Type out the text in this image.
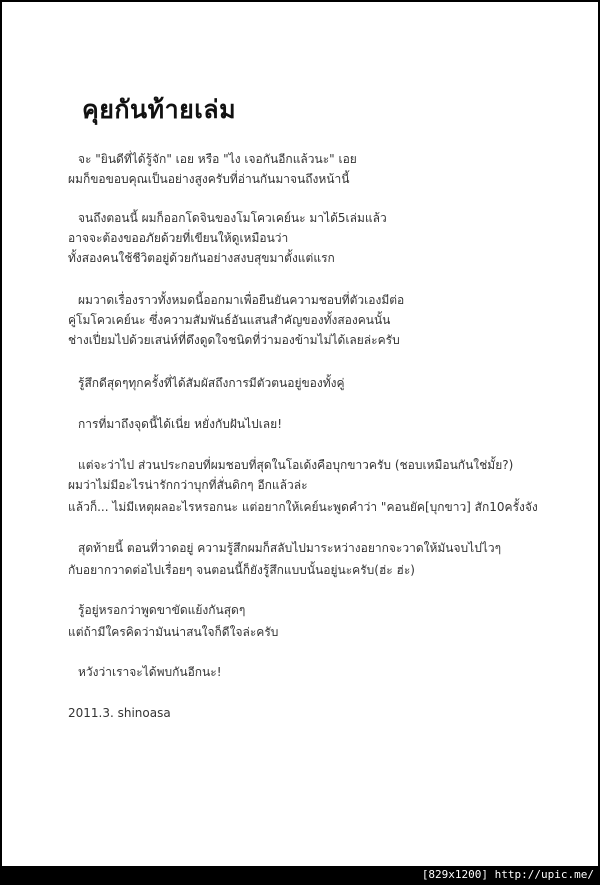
คุยกันท้ายเล่ม
จะ "ยินดีที่ได้รู้จัก" เอย หรือ "ไง เจอกันอีกแล้วนะ" เอย
ผมก็ขอขอบคุณเป็นอย่างสูงครับที่อ่านกันมาจนถึงหน้านี้
จนถึงตอนนี้ ผมก็ออกโดจินของโมโควเคย์นะ มาได้5เล่มแล้ว
อาจจะต้องขออภัยด้วยที่เขียนให้ดูเหมือนว่า
ทั้งสองคนใช้ชีวิตอยู่ด้วยกันอย่างสงบสุขมาตั้งแต่แรก
ผมวาดเรื่องราวทั้งหมดนี้ออกมาเพื่อยืนยันความชอบที่ตัวเองมีต่อ
คู่โมโควเคย์นะ ซึ่งความสัมพันธ์อันแสนสำคัญของทั้งสองคนนั้น
ช่างเปี่ยมไปด้วยเสน่ห์ที่ดึงดูดใจชนิดที่ว่ามองข้ามไม่ได้เลยล่ะครับ
รู้สึกดีสุดๆทุกครั้งที่ได้สัมผัสถึงการมีตัวตนอยู่ของทั้งคู่
การที่มาถึงจุดนี้ได้เนี่ย หยั่งกับฝันไปเลย!
แต่จะว่าไป ส่วนประกอบที่ผมชอบที่สุดในโอเด้งคือบุกขาวครับ (ชอบเหมือนกันใช่มั้ย?)
ผมว่าไม่มีอะไรน่ารักกว่าบุกที่สั่นดิกๆ อีกแล้วล่ะ
แล้วก็... ไม่มีเหตุผลอะไรหรอกนะ แต่อยากให้เคย์นะพูดคำว่า "คอนยัค[บุกขาว] สัก10ครั้งจัง
สุดท้ายนี้ ตอนที่วาดอยู่ ความรู้สึกผมก็สลับไปมาระหว่างอยากจะวาดให้มันจบไปไวๆ
กับอยากวาดต่อไปเรื่อยๆ จนตอนนี้ก็ยังรู้สึกแบบนั้นอยู่นะครับ(ฮ่ะ ฮ่ะ)
รู้อยู่หรอกว่าพูดขาขัดแย้งกันสุดๆ
แต่ถ้ามีใครคิดว่ามันน่าสนใจก็ดีใจล่ะครับ
หวังว่าเราจะได้พบกันอีกนะ!
2011.3. shinoasa
[829x1200] http://upic.me/
